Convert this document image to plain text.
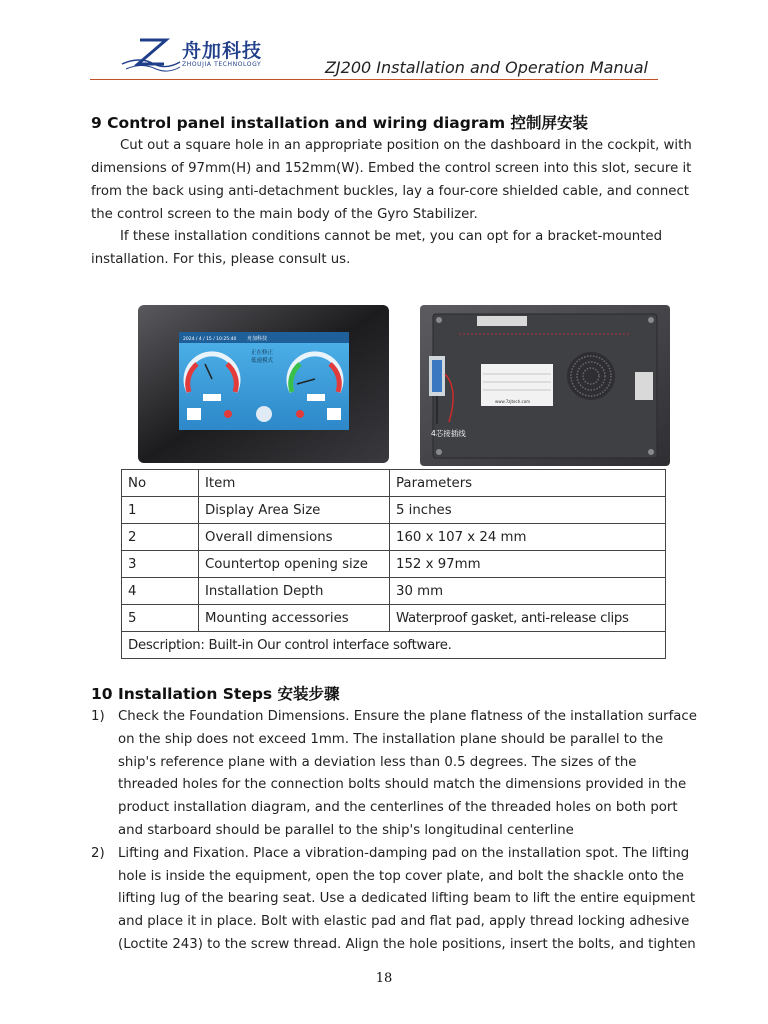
舟加科技
ZHOUJIA TECHNOLOGY	ZJ200 Installation and Operation Manual
9 Control panel installation and wiring diagram 控制屏安装

Cut out a square hole in an appropriate position on the dashboard in the cockpit, with dimensions of 97mm(H) and 152mm(W). Embed the control screen into this slot, secure it from the back using anti-detachment buckles, lay a four-core shielded cable, and connect the control screen to the main body of the Gyro Stabilizer.

If these installation conditions cannot be met, you can opt for a bracket-mounted installation. For this, please consult us.

2024 / 4 / 15 / 10:25:40 舟加科技
正在修正
低速模式
www.7zjtech.com
4芯接插线
No	Item	Parameters
1	Display Area Size	5 inches
2	Overall dimensions	160 x 107 x 24 mm
3	Countertop opening size	152 x 97mm
4	Installation Depth	30 mm
5	Mounting accessories	Waterproof gasket, anti-release clips
Description: Built-in Our control interface software.		
10 Installation Steps 安装步骤
1) Check the Foundation Dimensions. Ensure the plane flatness of the installation surface on the ship does not exceed 1mm. The installation plane should be parallel to the ship's reference plane with a deviation less than 0.5 degrees. The sizes of the threaded holes for the connection bolts should match the dimensions provided in the product installation diagram, and the centerlines of the threaded holes on both port and starboard should be parallel to the ship's longitudinal centerline
2) Lifting and Fixation. Place a vibration-damping pad on the installation spot. The lifting hole is inside the equipment, open the top cover plate, and bolt the shackle onto the lifting lug of the bearing seat. Use a dedicated lifting beam to lift the entire equipment and place it in place. Bolt with elastic pad and flat pad, apply thread locking adhesive (Loctite 243) to the screw thread. Align the hole positions, insert the bolts, and tighten
18
